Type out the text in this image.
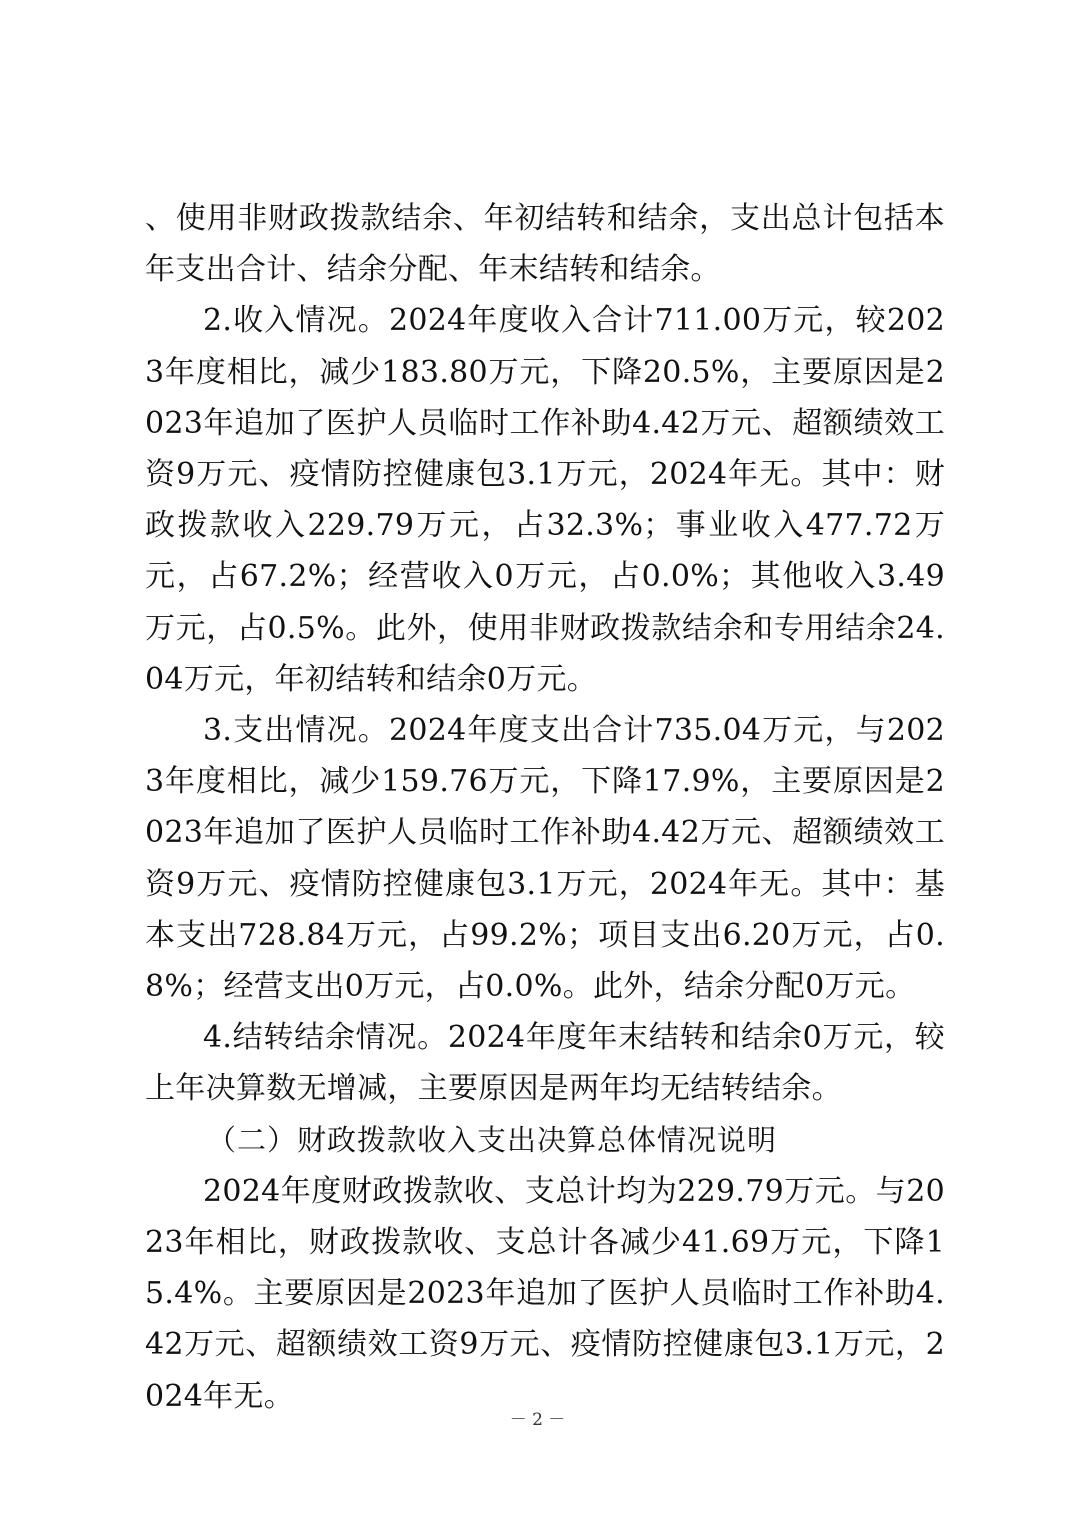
、使用非财政拨款结余、年初结转和结余，支出总计包括本年支出合计、结余分配、年末结转和结余。

2.收入情况。2024年度收入合计711.00万元，较2023年度相比，减少183.80万元，下降20.5%，主要原因是2023年追加了医护人员临时工作补助4.42万元、超额绩效工资9万元、疫情防控健康包3.1万元，2024年无。其中：财政拨款收入229.79万元，占32.3%；事业收入477.72万元，占67.2%；经营收入0万元，占0.0%；其他收入3.49万元，占0.5%。此外，使用非财政拨款结余和专用结余24.04万元，年初结转和结余0万元。

3.支出情况。2024年度支出合计735.04万元，与2023年度相比，减少159.76万元，下降17.9%，主要原因是2023年追加了医护人员临时工作补助4.42万元、超额绩效工资9万元、疫情防控健康包3.1万元，2024年无。其中：基本支出728.84万元，占99.2%；项目支出6.20万元，占0.8%；经营支出0万元，占0.0%。此外，结余分配0万元。

4.结转结余情况。2024年度年末结转和结余0万元，较上年决算数无增减，主要原因是两年均无结转结余。

（二）财政拨款收入支出决算总体情况说明

2024年度财政拨款收、支总计均为229.79万元。与2023年相比，财政拨款收、支总计各减少41.69万元，下降15.4%。主要原因是2023年追加了医护人员临时工作补助4.42万元、超额绩效工资9万元、疫情防控健康包3.1万元，2024年无。

－ 2 －
